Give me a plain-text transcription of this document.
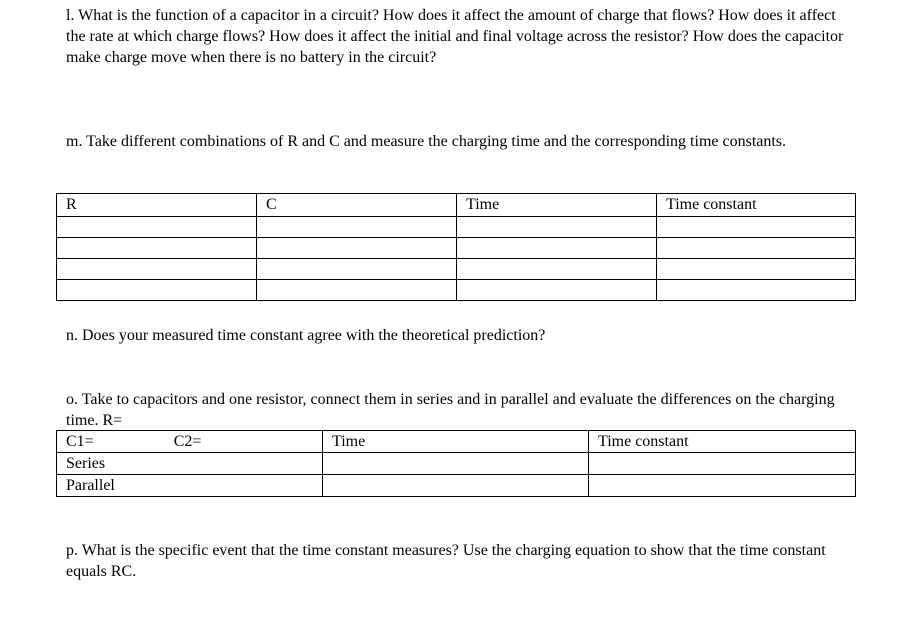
l. What is the function of a capacitor in a circuit? How does it affect the amount of charge that flows? How does it affect the rate at which charge flows? How does it affect the initial and final voltage across the resistor? How does the capacitor make charge move when there is no battery in the circuit?

m. Take different combinations of R and C and measure the charging time and the corresponding time constants.

R	C	Time	Time constant

n. Does your measured time constant agree with the theoretical prediction?

o. Take to capacitors and one resistor, connect them in series and in parallel and evaluate the differences on the charging time. R=

C1= C2=	Time	Time constant
Series		
Parallel		

p. What is the specific event that the time constant measures? Use the charging equation to show that the time constant equals RC.
